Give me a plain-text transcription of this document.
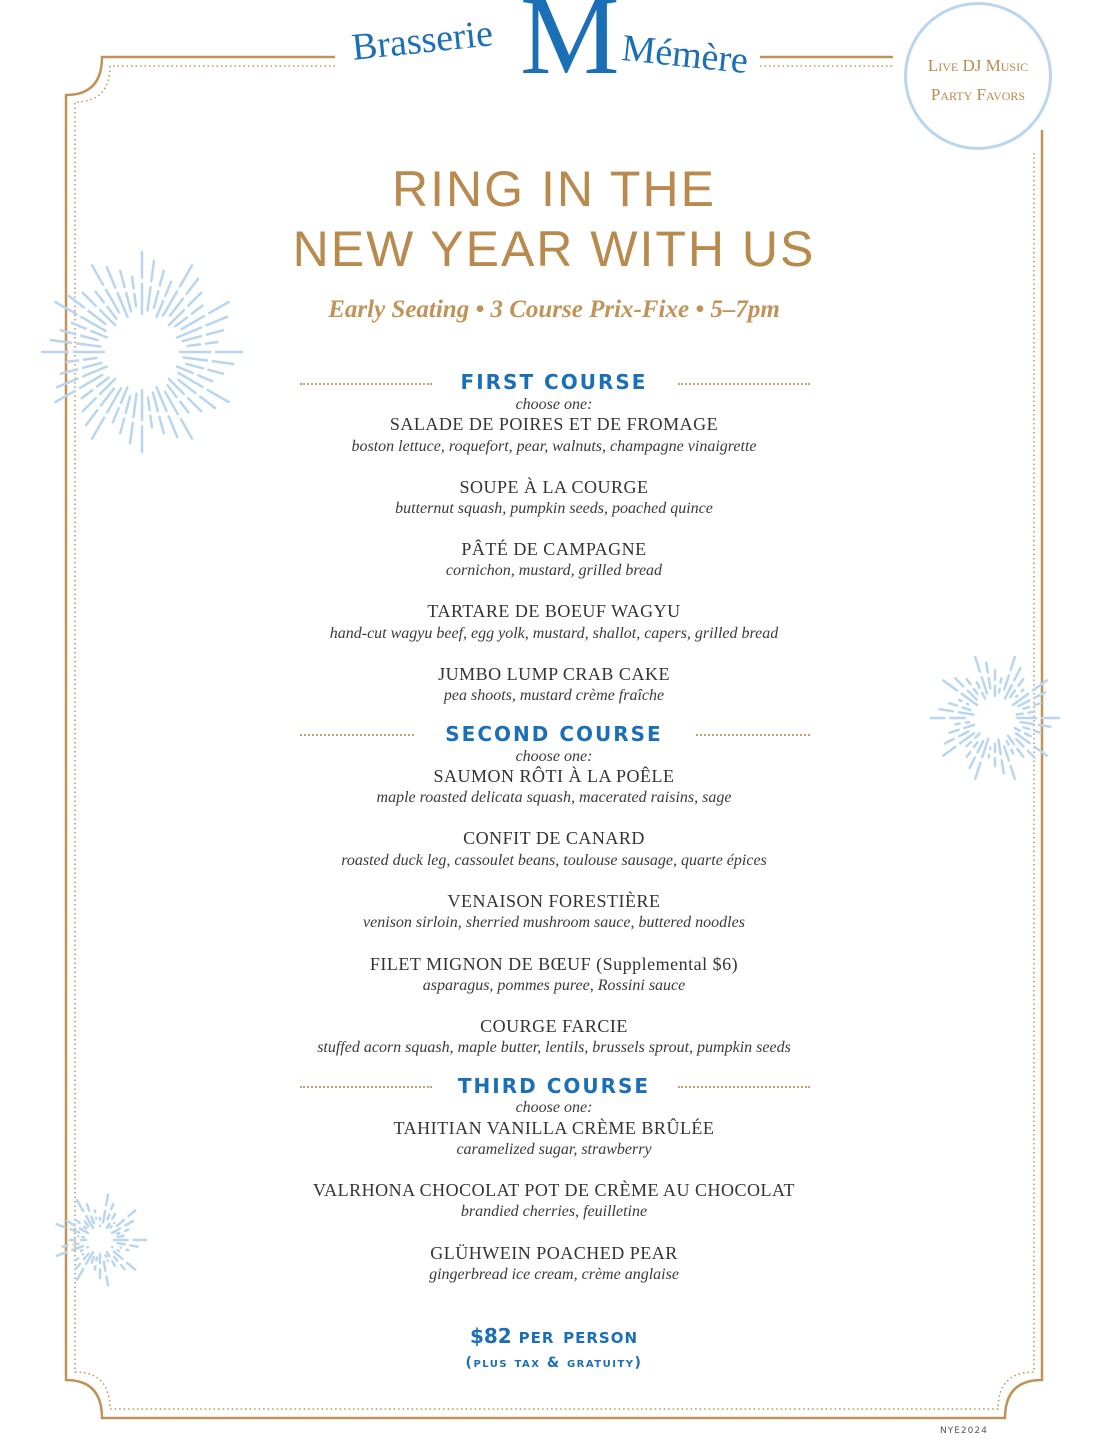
Brasserie M Mémère	Live DJ Music
Party Favors
RING IN THE
NEW YEAR WITH US
Early Seating • 3 Course Prix-Fixe • 5–7pm
FIRST COURSE
choose one:
SALADE DE POIRES ET DE FROMAGE
boston lettuce, roquefort, pear, walnuts, champagne vinaigrette
SOUPE À LA COURGE
butternut squash, pumpkin seeds, poached quince
PÂTÉ DE CAMPAGNE
cornichon, mustard, grilled bread
TARTARE DE BOEUF WAGYU
hand-cut wagyu beef, egg yolk, mustard, shallot, capers, grilled bread
JUMBO LUMP CRAB CAKE
pea shoots, mustard crème fraîche
SECOND COURSE
choose one:
SAUMON RÔTI À LA POÊLE
maple roasted delicata squash, macerated raisins, sage
CONFIT DE CANARD
roasted duck leg, cassoulet beans, toulouse sausage, quarte épices
VENAISON FORESTIÈRE
venison sirloin, sherried mushroom sauce, buttered noodles
FILET MIGNON DE BŒUF (Supplemental $6)
asparagus, pommes puree, Rossini sauce
COURGE FARCIE
stuffed acorn squash, maple butter, lentils, brussels sprout, pumpkin seeds
THIRD COURSE
choose one:
TAHITIAN VANILLA CRÈME BRÛLÉE
caramelized sugar, strawberry
VALRHONA CHOCOLAT POT DE CRÈME AU CHOCOLAT
brandied cherries, feuilletine
GLÜHWEIN POACHED PEAR
gingerbread ice cream, crème anglaise
$82 per person
(plus tax & gratuity)
NYE2024
